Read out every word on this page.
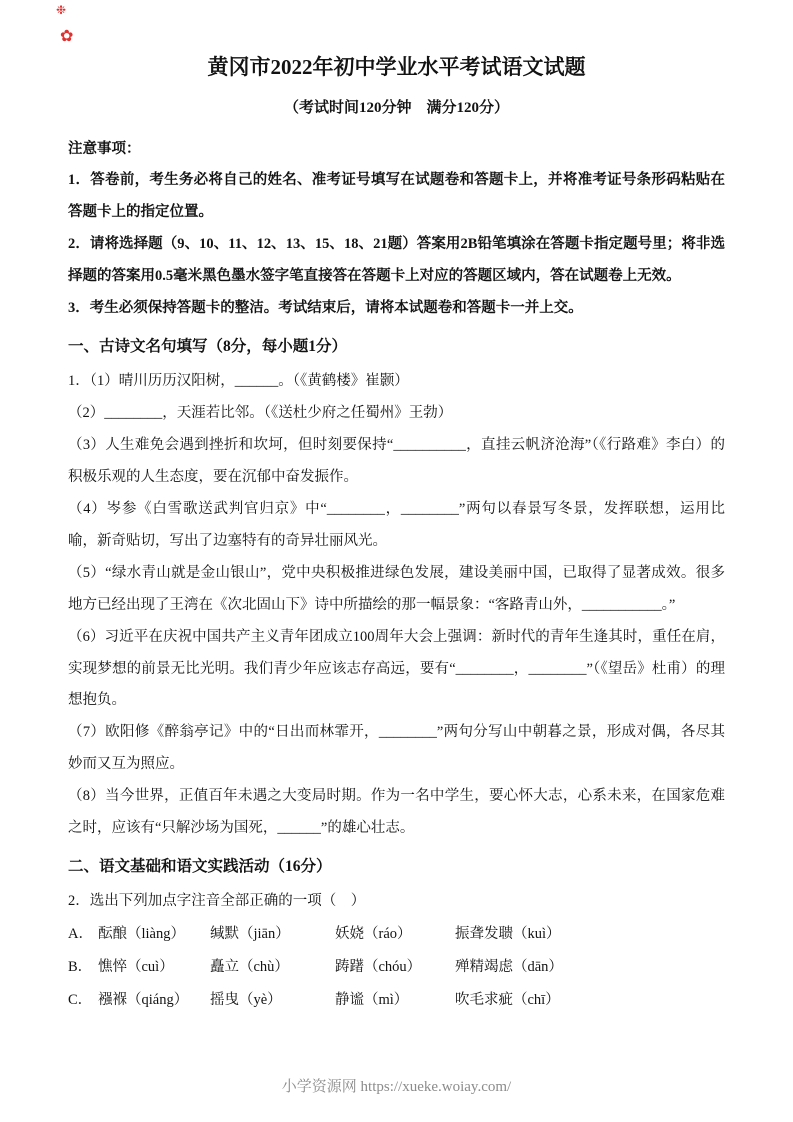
❉
✿
黄冈市2022年初中学业水平考试语文试题
（考试时间120分钟　满分120分）

注意事项：

1．答卷前，考生务必将自己的姓名、准考证号填写在试题卷和答题卡上，并将准考证号条形码粘贴在答题卡上的指定位置。

2．请将选择题（9、10、11、12、13、15、18、21题）答案用2B铅笔填涂在答题卡指定题号里；将非选择题的答案用0.5毫米黑色墨水签字笔直接答在答题卡上对应的答题区域内，答在试题卷上无效。

3．考生必须保持答题卡的整洁。考试结束后，请将本试题卷和答题卡一并上交。

一、古诗文名句填写（8分，每小题1分）

1．（1）晴川历历汉阳树，______。（《黄鹤楼》崔颢）

（2）________，天涯若比邻。（《送杜少府之任蜀州》王勃）

（3）人生难免会遇到挫折和坎坷，但时刻要保持“__________，直挂云帆济沧海”（《行路难》李白）的积极乐观的人生态度，要在沉郁中奋发振作。

（4）岑参《白雪歌送武判官归京》中“________，________”两句以春景写冬景，发挥联想，运用比喻，新奇贴切，写出了边塞特有的奇异壮丽风光。

（5）“绿水青山就是金山银山”，党中央积极推进绿色发展，建设美丽中国，已取得了显著成效。很多地方已经出现了王湾在《次北固山下》诗中所描绘的那一幅景象：“客路青山外，___________。”

（6）习近平在庆祝中国共产主义青年团成立100周年大会上强调：新时代的青年生逢其时，重任在肩，实现梦想的前景无比光明。我们青少年应该志存高远，要有“________，________”（《望岳》杜甫）的理想抱负。

（7）欧阳修《醉翁亭记》中的“日出而林霏开，________”两句分写山中朝暮之景，形成对偶，各尽其妙而又互为照应。

（8）当今世界，正值百年未遇之大变局时期。作为一名中学生，要心怀大志，心系未来，在国家危难之时，应该有“只解沙场为国死，______”的雄心壮志。

二、语文基础和语文实践活动（16分）

2．选出下列加点字注音全部正确的一项（　）

A． 酝酿（liàng）	缄默（jiān）	妖娆（ráo）	振聋发聩（kuì）
B． 憔悴（cuì）	矗立（chù）	踌躇（chóu）	殚精竭虑（dān）
C． 襁褓（qiáng）	摇曳（yè）	静谧（mì）	吹毛求疵（chī）
小学资源网 https://xueke.woiay.com/
